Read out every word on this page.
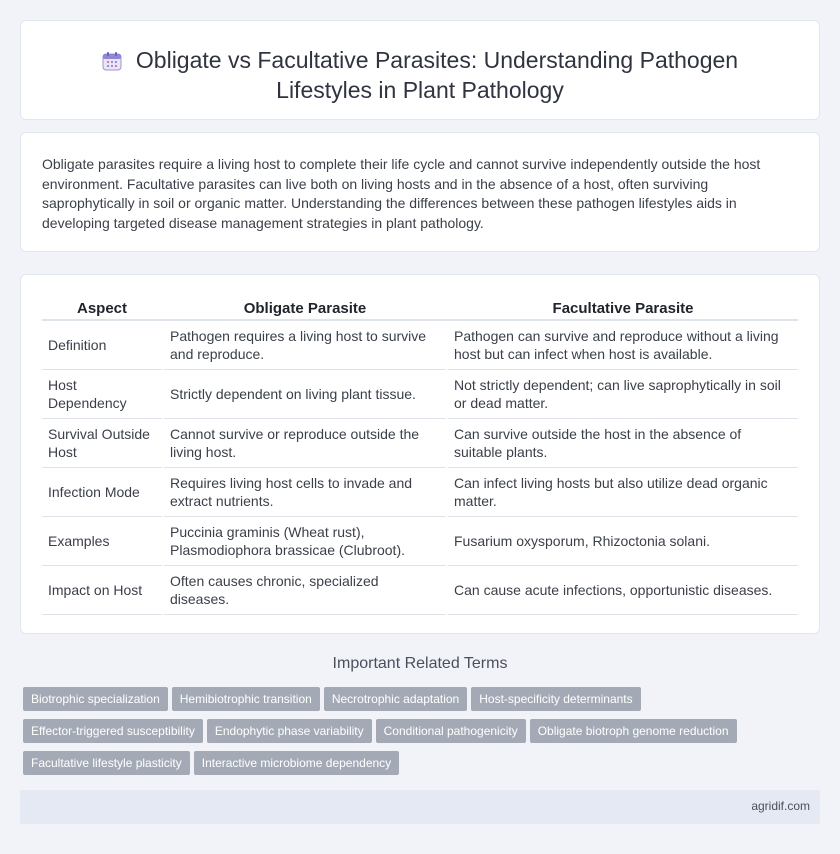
Obligate vs Facultative Parasites: Understanding Pathogen
Lifestyles in Plant Pathology
Obligate parasites require a living host to complete their life cycle and cannot survive independently outside the host environment. Facultative parasites can live both on living hosts and in the absence of a host, often surviving saprophytically in soil or organic matter. Understanding the differences between these pathogen lifestyles aids in developing targeted disease management strategies in plant pathology.
Aspect	Obligate Parasite	Facultative Parasite
Definition	Pathogen requires a living host to survive and reproduce.	Pathogen can survive and reproduce without a living host but can infect when host is available.
Host Dependency	Strictly dependent on living plant tissue.	Not strictly dependent; can live saprophytically in soil or dead matter.
Survival Outside Host	Cannot survive or reproduce outside the living host.	Can survive outside the host in the absence of suitable plants.
Infection Mode	Requires living host cells to invade and extract nutrients.	Can infect living hosts but also utilize dead organic matter.
Examples	Puccinia graminis (Wheat rust), Plasmodiophora brassicae (Clubroot).	Fusarium oxysporum, Rhizoctonia solani.
Impact on Host	Often causes chronic, specialized diseases.	Can cause acute infections, opportunistic diseases.
Important Related Terms
Biotrophic specialization Hemibiotrophic transition Necrotrophic adaptation Host-specificity determinants
Effector-triggered susceptibility Endophytic phase variability Conditional pathogenicity Obligate biotroph genome reduction
Facultative lifestyle plasticity Interactive microbiome dependency
agridif.com
